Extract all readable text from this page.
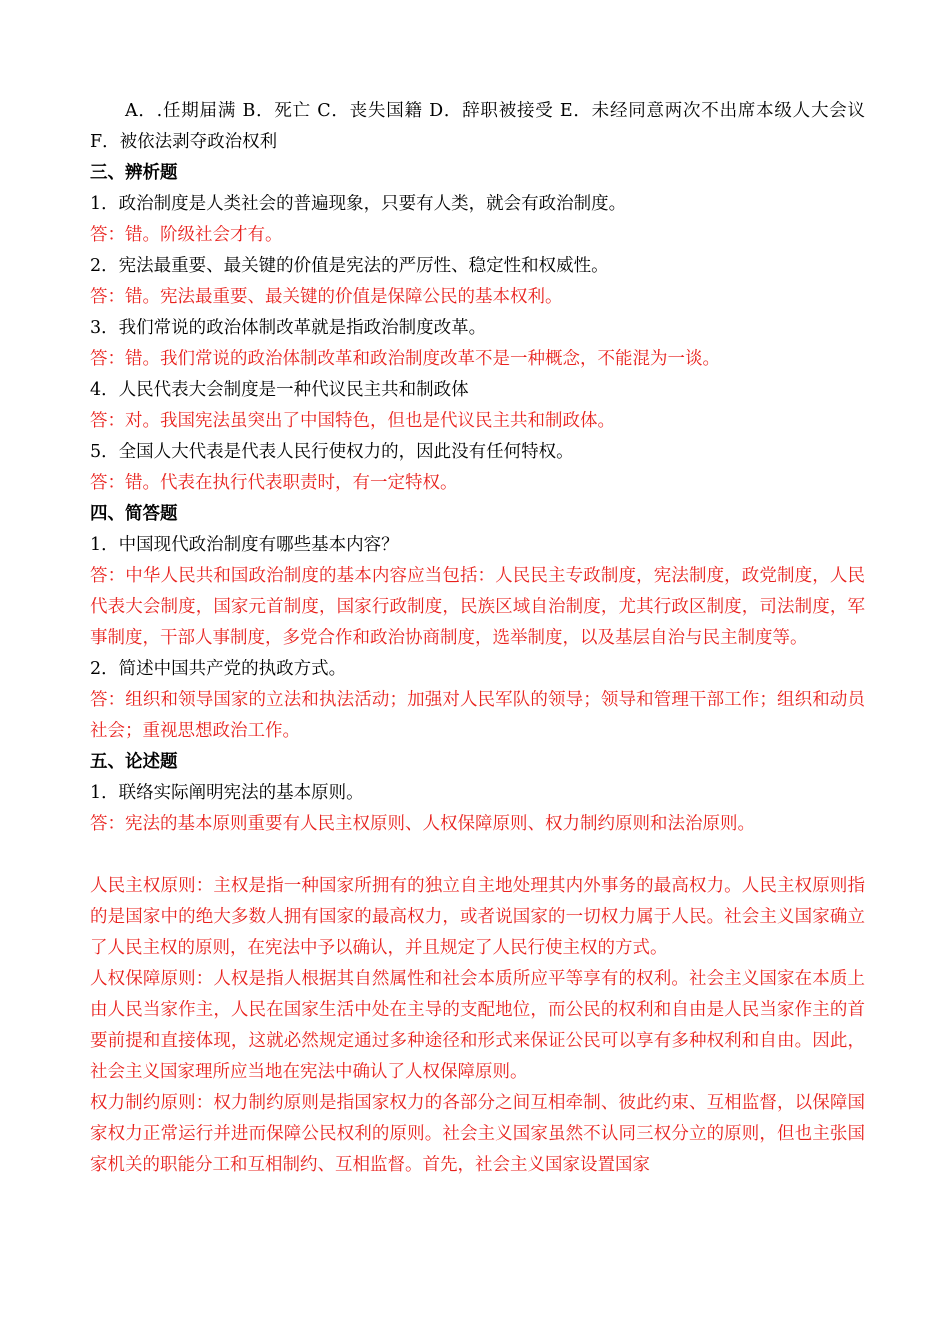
A．.任期届满 B．死亡 C．丧失国籍 D．辞职被接受 E．未经同意两次不出席本级人大会议 F．被依法剥夺政治权利

三、辨析题

1．政治制度是人类社会的普遍现象，只要有人类，就会有政治制度。

答：错。阶级社会才有。

2．宪法最重要、最关键的价值是宪法的严厉性、稳定性和权威性。

答：错。宪法最重要、最关键的价值是保障公民的基本权利。

3．我们常说的政治体制改革就是指政治制度改革。

答：错。我们常说的政治体制改革和政治制度改革不是一种概念，不能混为一谈。

4．人民代表大会制度是一种代议民主共和制政体

答：对。我国宪法虽突出了中国特色，但也是代议民主共和制政体。

5．全国人大代表是代表人民行使权力的，因此没有任何特权。

答：错。代表在执行代表职责时，有一定特权。

四、简答题

1．中国现代政治制度有哪些基本内容？

答：中华人民共和国政治制度的基本内容应当包括：人民民主专政制度，宪法制度，政党制度，人民代表大会制度，国家元首制度，国家行政制度，民族区域自治制度，尤其行政区制度，司法制度，军事制度，干部人事制度，多党合作和政治协商制度，选举制度，以及基层自治与民主制度等。

2．简述中国共产党的执政方式。

答：组织和领导国家的立法和执法活动；加强对人民军队的领导；领导和管理干部工作；组织和动员社会；重视思想政治工作。

五、论述题

1．联络实际阐明宪法的基本原则。

答：宪法的基本原则重要有人民主权原则、人权保障原则、权力制约原则和法治原则。

人民主权原则：主权是指一种国家所拥有的独立自主地处理其内外事务的最高权力。人民主权原则指的是国家中的绝大多数人拥有国家的最高权力，或者说国家的一切权力属于人民。社会主义国家确立了人民主权的原则，在宪法中予以确认，并且规定了人民行使主权的方式。

人权保障原则：人权是指人根据其自然属性和社会本质所应平等享有的权利。社会主义国家在本质上由人民当家作主，人民在国家生活中处在主导的支配地位，而公民的权利和自由是人民当家作主的首要前提和直接体现，这就必然规定通过多种途径和形式来保证公民可以享有多种权利和自由。因此，社会主义国家理所应当地在宪法中确认了人权保障原则。

权力制约原则：权力制约原则是指国家权力的各部分之间互相牵制、彼此约束、互相监督，以保障国家权力正常运行并进而保障公民权利的原则。社会主义国家虽然不认同三权分立的原则，但也主张国家机关的职能分工和互相制约、互相监督。首先，社会主义国家设置国家
